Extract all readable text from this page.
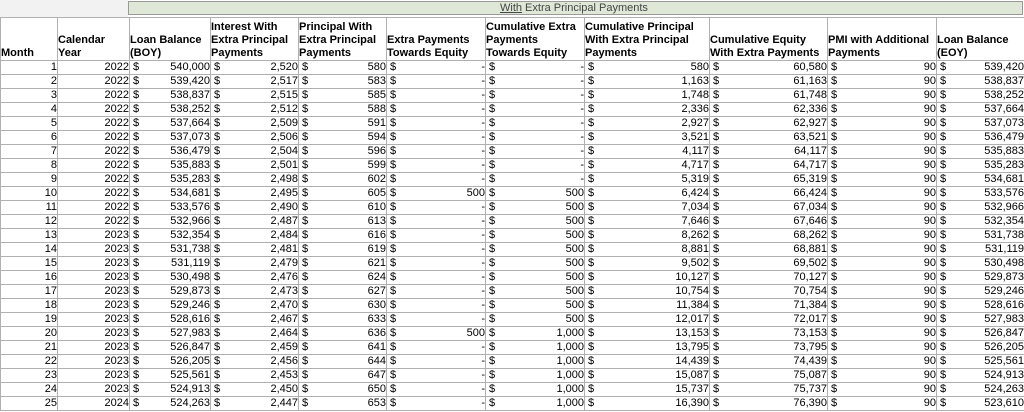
With Extra Principal Payments
Month	Calendar Year	Loan Balance (BOY)	Interest With Extra Principal Payments	Principal With Extra Principal Payments	Extra Payments Towards Equity	Cumulative Extra Payments Towards Equity	Cumulative Principal With Extra Principal Payments	Cumulative Equity With Extra Payments	PMI with Additional Payments	Loan Balance (EOY)

1	2022	$ 540,000	$ 2,520	$ 580	$ -	$ -	$ 580	$ 60,580	$ 90	$ 539,420
2	2022	$ 539,420	$ 2,517	$ 583	$ -	$ -	$ 1,163	$ 61,163	$ 90	$ 538,837
3	2022	$ 538,837	$ 2,515	$ 585	$ -	$ -	$ 1,748	$ 61,748	$ 90	$ 538,252
4	2022	$ 538,252	$ 2,512	$ 588	$ -	$ -	$ 2,336	$ 62,336	$ 90	$ 537,664
5	2022	$ 537,664	$ 2,509	$ 591	$ -	$ -	$ 2,927	$ 62,927	$ 90	$ 537,073
6	2022	$ 537,073	$ 2,506	$ 594	$ -	$ -	$ 3,521	$ 63,521	$ 90	$ 536,479
7	2022	$ 536,479	$ 2,504	$ 596	$ -	$ -	$ 4,117	$ 64,117	$ 90	$ 535,883
8	2022	$ 535,883	$ 2,501	$ 599	$ -	$ -	$ 4,717	$ 64,717	$ 90	$ 535,283
9	2022	$ 535,283	$ 2,498	$ 602	$ -	$ -	$ 5,319	$ 65,319	$ 90	$ 534,681
10	2022	$ 534,681	$ 2,495	$ 605	$ 500	$ 500	$ 6,424	$ 66,424	$ 90	$ 533,576
11	2022	$ 533,576	$ 2,490	$ 610	$ -	$ 500	$ 7,034	$ 67,034	$ 90	$ 532,966
12	2022	$ 532,966	$ 2,487	$ 613	$ -	$ 500	$ 7,646	$ 67,646	$ 90	$ 532,354
13	2023	$ 532,354	$ 2,484	$ 616	$ -	$ 500	$ 8,262	$ 68,262	$ 90	$ 531,738
14	2023	$ 531,738	$ 2,481	$ 619	$ -	$ 500	$ 8,881	$ 68,881	$ 90	$ 531,119
15	2023	$ 531,119	$ 2,479	$ 621	$ -	$ 500	$ 9,502	$ 69,502	$ 90	$ 530,498
16	2023	$ 530,498	$ 2,476	$ 624	$ -	$ 500	$ 10,127	$ 70,127	$ 90	$ 529,873
17	2023	$ 529,873	$ 2,473	$ 627	$ -	$ 500	$ 10,754	$ 70,754	$ 90	$ 529,246
18	2023	$ 529,246	$ 2,470	$ 630	$ -	$ 500	$ 11,384	$ 71,384	$ 90	$ 528,616
19	2023	$ 528,616	$ 2,467	$ 633	$ -	$ 500	$ 12,017	$ 72,017	$ 90	$ 527,983
20	2023	$ 527,983	$ 2,464	$ 636	$ 500	$ 1,000	$ 13,153	$ 73,153	$ 90	$ 526,847
21	2023	$ 526,847	$ 2,459	$ 641	$ -	$ 1,000	$ 13,795	$ 73,795	$ 90	$ 526,205
22	2023	$ 526,205	$ 2,456	$ 644	$ -	$ 1,000	$ 14,439	$ 74,439	$ 90	$ 525,561
23	2023	$ 525,561	$ 2,453	$ 647	$ -	$ 1,000	$ 15,087	$ 75,087	$ 90	$ 524,913
24	2023	$ 524,913	$ 2,450	$ 650	$ -	$ 1,000	$ 15,737	$ 75,737	$ 90	$ 524,263
25	2024	$ 524,263	$ 2,447	$ 653	$ -	$ 1,000	$ 16,390	$ 76,390	$ 90	$ 523,610
